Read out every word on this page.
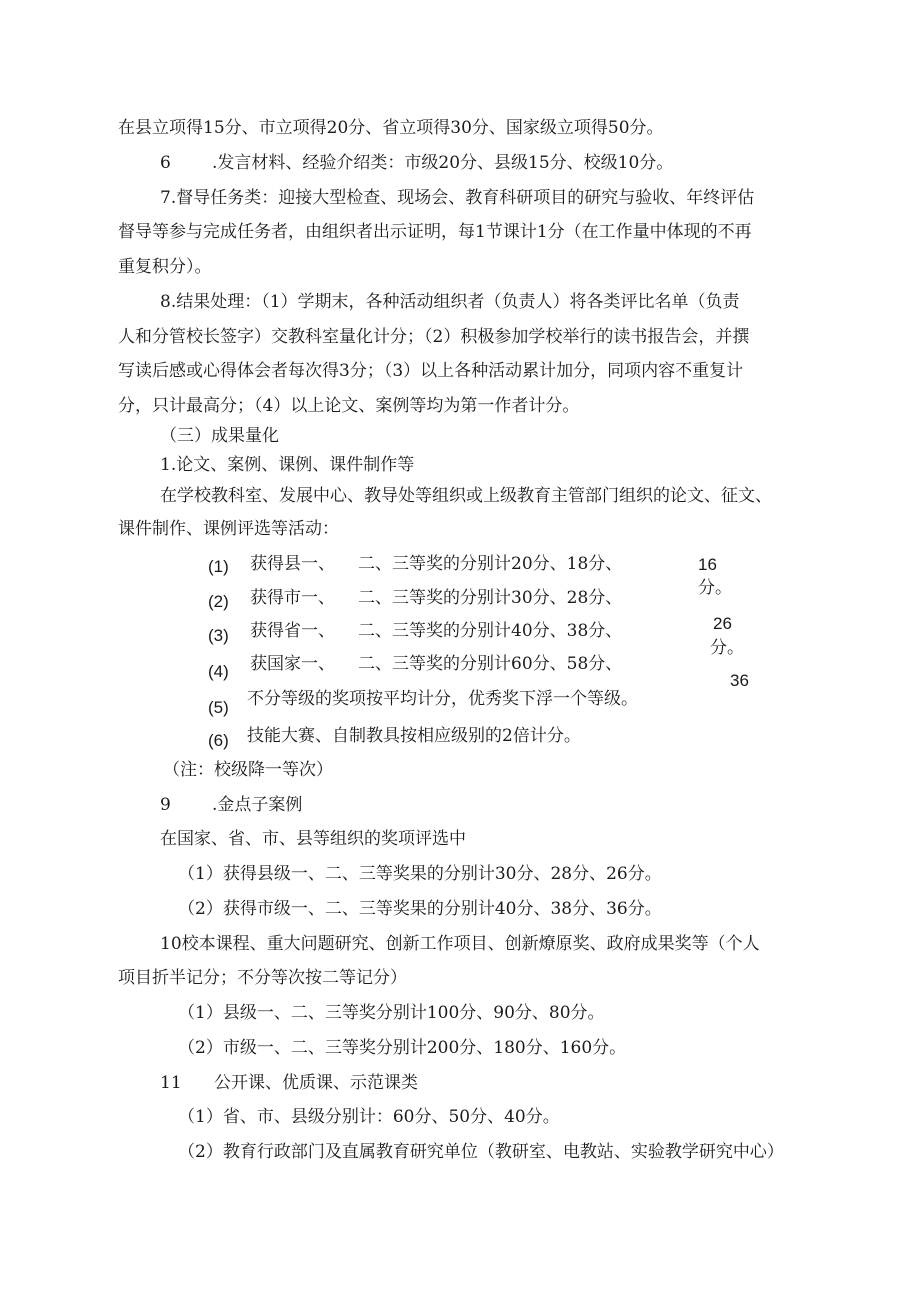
在县立项得15分、市立项得20分、省立项得30分、国家级立项得50分。
6 .发言材料、经验介绍类：市级20分、县级15分、校级10分。
7.督导任务类：迎接大型检查、现场会、教育科研项目的研究与验收、年终评估
督导等参与完成任务者，由组织者出示证明，每1节课计1分（在工作量中体现的不再
重复积分）。
8.结果处理：（1）学期末，各种活动组织者（负责人）将各类评比名单（负责
人和分管校长签字）交教科室量化计分；（2）积极参加学校举行的读书报告会，并撰
写读后感或心得体会者每次得3分；（3）以上各种活动累计加分，同项内容不重复计
分，只计最高分；（4）以上论文、案例等均为第一作者计分。
（三）成果量化
1.论文、案例、课例、课件制作等
在学校教科室、发展中心、教导处等组织或上级教育主管部门组织的论文、征文、
课件制作、课例评选等活动：
(1) 获得县一、 二、三等奖的分别计20分、18分、
(2) 获得市一、 二、三等奖的分别计30分、28分、
(3) 获得省一、 二、三等奖的分别计40分、38分、
(4) 获国家一、 二、三等奖的分别计60分、58分、
(5) 不分等级的奖项按平均计分，优秀奖下浮一个等级。
(6) 技能大赛、自制教具按相应级别的2倍计分。
16
分。
26
分。
36
（注：校级降一等次）
9 .金点子案例
在国家、省、市、县等组织的奖项评选中
（1）获得县级一、二、三等奖果的分别计30分、28分、26分。
（2）获得市级一、二、三等奖果的分别计40分、38分、36分。
10校本课程、重大问题研究、创新工作项目、创新燎原奖、政府成果奖等（个人
项目折半记分；不分等次按二等记分）
（1）县级一、二、三等奖分别计100分、90分、80分。
（2）市级一、二、三等奖分别计200分、180分、160分。
11 公开课、优质课、示范课类
（1）省、市、县级分别计：60分、50分、40分。
（2）教育行政部门及直属教育研究单位（教研室、电教站、实验教学研究中心）
